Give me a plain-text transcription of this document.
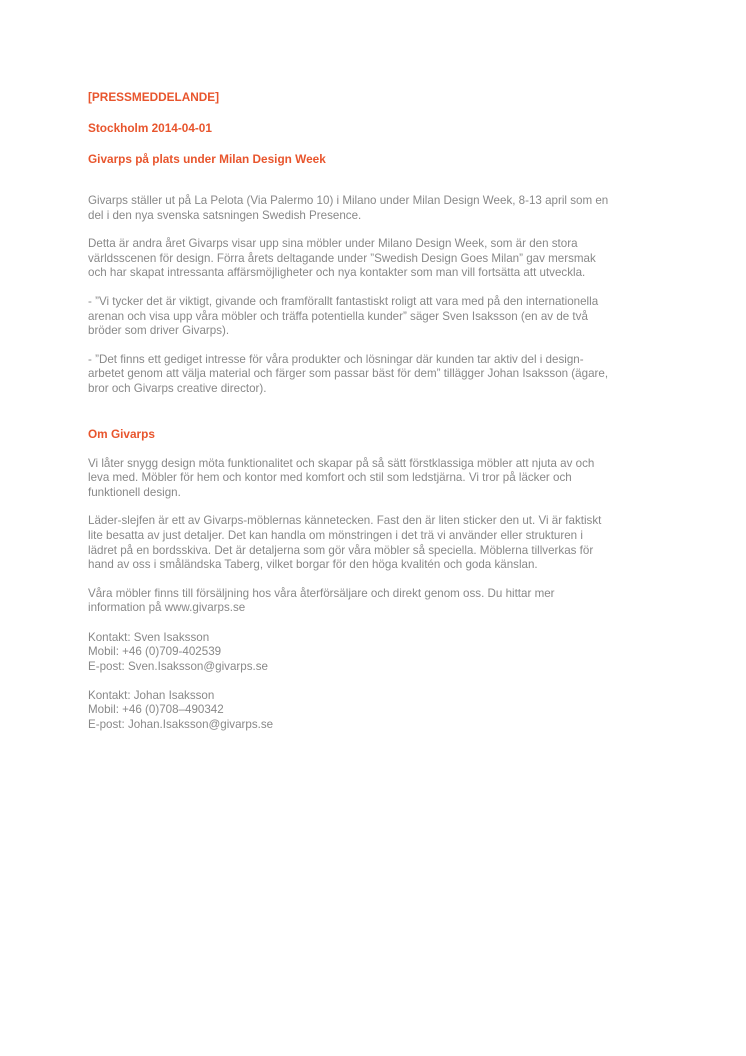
[PRESSMEDDELANDE]

Stockholm 2014-04-01

Givarps på plats under Milan Design Week

Givarps ställer ut på La Pelota (Via Palermo 10) i Milano under Milan Design Week, 8-13 april som en
del i den nya svenska satsningen Swedish Presence.

Detta är andra året Givarps visar upp sina möbler under Milano Design Week, som är den stora
världsscenen för design. Förra årets deltagande under ”Swedish Design Goes Milan” gav mersmak
och har skapat intressanta affärsmöjligheter och nya kontakter som man vill fortsätta att utveckla.

- ”Vi tycker det är viktigt, givande och framförallt fantastiskt roligt att vara med på den internationella
arenan och visa upp våra möbler och träffa potentiella kunder” säger Sven Isaksson (en av de två
bröder som driver Givarps).

- ”Det finns ett gediget intresse för våra produkter och lösningar där kunden tar aktiv del i design-
arbetet genom att välja material och färger som passar bäst för dem” tillägger Johan Isaksson (ägare,
bror och Givarps creative director).

Om Givarps

Vi låter snygg design möta funktionalitet och skapar på så sätt förstklassiga möbler att njuta av och
leva med. Möbler för hem och kontor med komfort och stil som ledstjärna. Vi tror på läcker och
funktionell design.

Läder-slejfen är ett av Givarps-möblernas kännetecken. Fast den är liten sticker den ut. Vi är faktiskt
lite besatta av just detaljer. Det kan handla om mönstringen i det trä vi använder eller strukturen i
lädret på en bordsskiva. Det är detaljerna som gör våra möbler så speciella. Möblerna tillverkas för
hand av oss i småländska Taberg, vilket borgar för den höga kvalitén och goda känslan.

Våra möbler finns till försäljning hos våra återförsäljare och direkt genom oss. Du hittar mer
information på www.givarps.se

Kontakt: Sven Isaksson
Mobil: +46 (0)709-402539
E-post: Sven.Isaksson@givarps.se

Kontakt: Johan Isaksson
Mobil: +46 (0)708–490342
E-post: Johan.Isaksson@givarps.se
